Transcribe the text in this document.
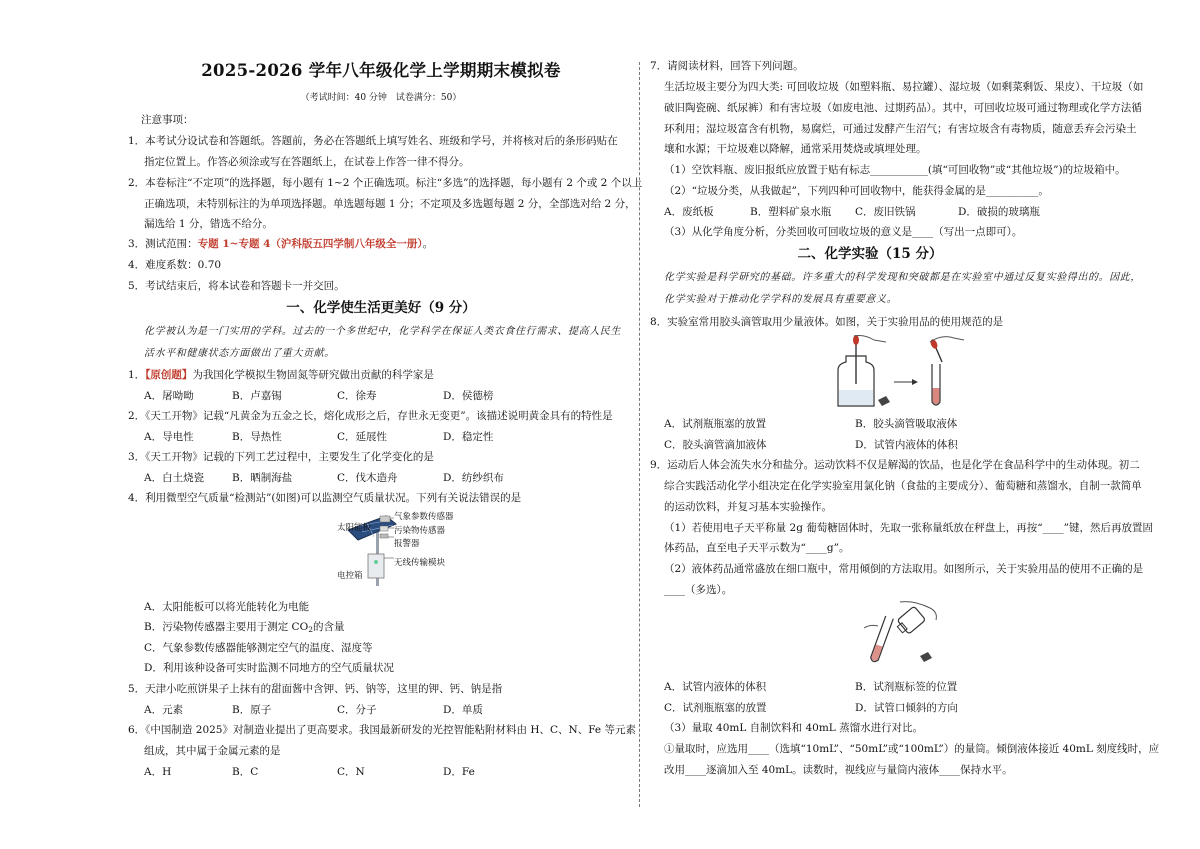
2025-2026 学年八年级化学上学期期末模拟卷
（考试时间：40 分钟　试卷满分：50）
注意事项：
1．本考试分设试卷和答题纸。答题前，务必在答题纸上填写姓名、班级和学号，并将核对后的条形码贴在
指定位置上。作答必须涂或写在答题纸上，在试卷上作答一律不得分。
2．本卷标注“不定项”的选择题，每小题有 1~2 个正确选项。标注“多选”的选择题，每小题有 2 个或 2 个以上
正确选项，未特别标注的为单项选择题。单选题每题 1 分；不定项及多选题每题 2 分，全部选对给 2 分，
漏选给 1 分，错选不给分。
3．测试范围：专题 1~专题 4（沪科版五四学制八年级全一册）。
4．难度系数：0.70
5．考试结束后，将本试卷和答题卡一并交回。
一、化学使生活更美好（9 分）
化学被认为是一门实用的学科。过去的一个多世纪中，化学科学在保证人类衣食住行需求、提高人民生
活水平和健康状态方面做出了重大贡献。
1．【原创题】为我国化学模拟生物固氮等研究做出贡献的科学家是
A．屠呦呦	B．卢嘉锡	C．徐寿	D．侯德榜
2．《天工开物》记载“凡黄金为五金之长，熔化成形之后，存世永无变更”。该描述说明黄金具有的特性是
A．导电性	B．导热性	C．延展性	D．稳定性
3．《天工开物》记载的下列工艺过程中，主要发生了化学变化的是
A．白土烧瓷	B．晒制海盐	C．伐木造舟	D．纺纱织布
4．利用微型空气质量“检测站”(如图)可以监测空气质量状况。下列有关说法错误的是
太阳能板
气象参数传感器
污染物传感器
报警器
无线传输模块
电控箱
A．太阳能板可以将光能转化为电能
B．污染物传感器主要用于测定 $CO_2$的含量
C．气象参数传感器能够测定空气的温度、湿度等
D．利用该种设备可实时监测不同地方的空气质量状况
5．天津小吃煎饼果子上抹有的甜面酱中含钾、钙、钠等，这里的钾、钙、钠是指
A．元素	B．原子	C．分子	D．单质
6．《中国制造 2025》对制造业提出了更高要求。我国最新研发的光控智能粘附材料由 H、C、N、Fe 等元素
组成，其中属于金属元素的是
A．H	B．C	C．N	D．Fe
7．请阅读材料，回答下列问题。
生活垃圾主要分为四大类: 可回收垃圾（如塑料瓶、易拉罐）、湿垃圾（如剩菜剩饭、果皮）、干垃圾（如
破旧陶瓷碗、纸尿裤）和有害垃圾（如废电池、过期药品）。其中，可回收垃圾可通过物理或化学方法循
环利用；湿垃圾富含有机物，易腐烂，可通过发酵产生沼气；有害垃圾含有毒物质，随意丢弃会污染土
壤和水源；干垃圾难以降解，通常采用焚烧或填埋处理。
（1）空饮料瓶、废旧报纸应放置于贴有标志___________(填“可回收物”或“其他垃圾”)的垃圾箱中。
（2）“垃圾分类，从我做起”，下列四种可回收物中，能获得金属的是__________。
A．废纸板	B．塑料矿泉水瓶 C．废旧铁锅	D．破损的玻璃瓶
（3）从化学角度分析，分类回收可回收垃圾的意义是____（写出一点即可）。
二、化学实验（15 分）
化学实验是科学研究的基础。许多重大的科学发现和突破都是在实验室中通过反复实验得出的。因此，
化学实验对于推动化学学科的发展具有重要意义。
8．实验室常用胶头滴管取用少量液体。如图，关于实验用品的使用规范的是
A．试剂瓶瓶塞的放置	B．胶头滴管吸取液体
C．胶头滴管滴加液体	D．试管内液体的体积
9．运动后人体会流失水分和盐分。运动饮料不仅是解渴的饮品，也是化学在食品科学中的生动体现。初二
综合实践活动化学小组决定在化学实验室用氯化钠（食盐的主要成分）、葡萄糖和蒸馏水，自制一款简单
的运动饮料，并复习基本实验操作。
（1）若使用电子天平称量 2g 葡萄糖固体时，先取一张称量纸放在秤盘上，再按“____”键，然后再放置固
体药品，直至电子天平示数为“____g”。
（2）液体药品通常盛放在细口瓶中，常用倾倒的方法取用。如图所示，关于实验用品的使用不正确的是
____（多选）。
A．试管内液体的体积	B．试剂瓶标签的位置
C．试剂瓶瓶塞的放置	D．试管口倾斜的方向
（3）量取 40mL 自制饮料和 40mL 蒸馏水进行对比。
①量取时，应选用____（选填“10mL”、“50mL”或“100mL”）的量筒。倾倒液体接近 40mL 刻度线时，应
改用____逐滴加入至 40mL。读数时，视线应与量筒内液体____保持水平。
